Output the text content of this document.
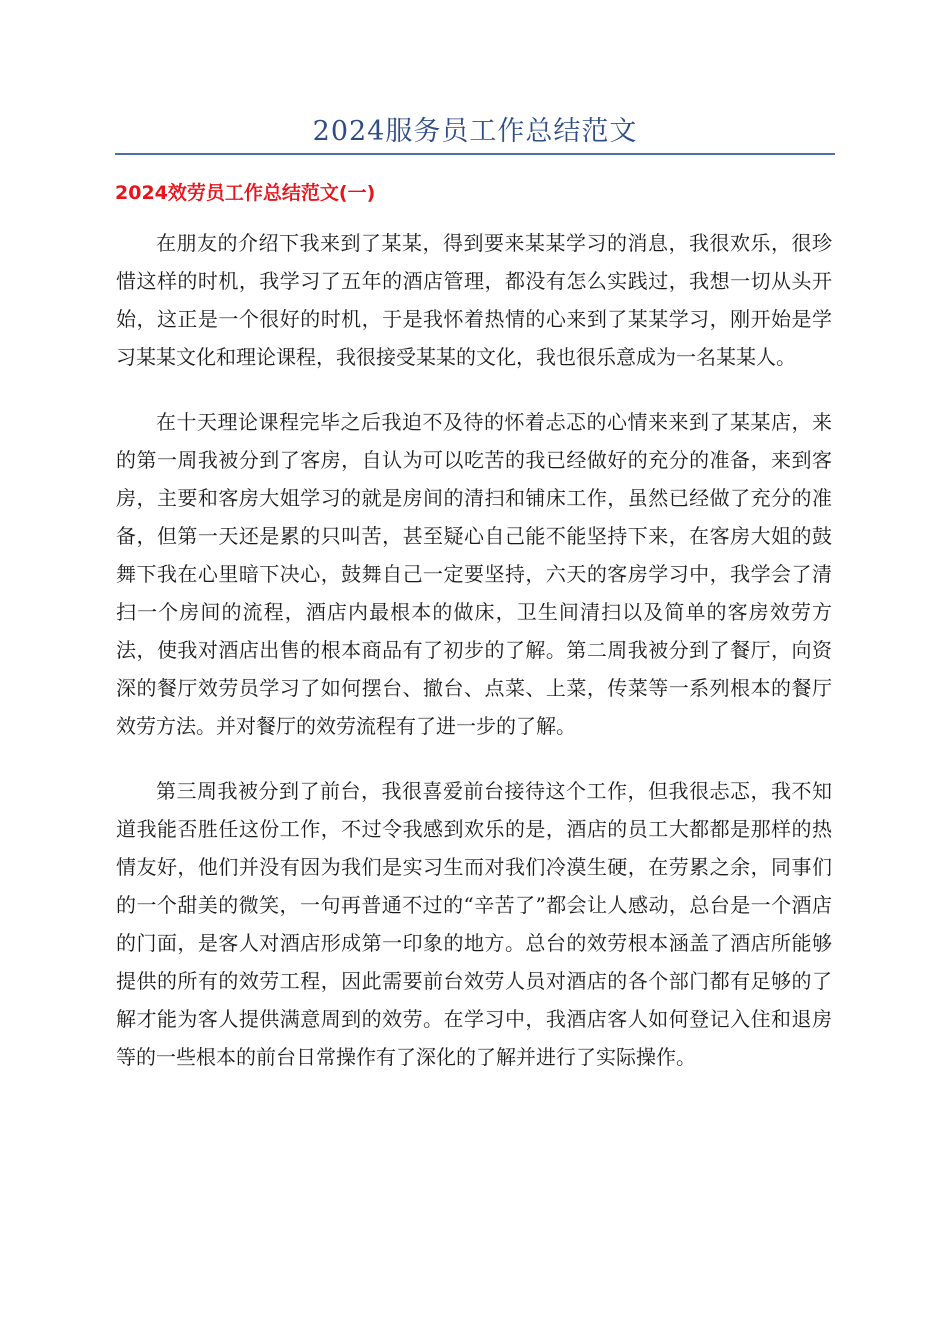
2024服务员工作总结范文
2024效劳员工作总结范文(一)

在朋友的介绍下我来到了某某，得到要来某某学习的消息，我很欢乐，很珍惜这样的时机，我学习了五年的酒店管理，都没有怎么实践过，我想一切从头开始，这正是一个很好的时机，于是我怀着热情的心来到了某某学习，刚开始是学习某某文化和理论课程，我很接受某某的文化，我也很乐意成为一名某某人。

在十天理论课程完毕之后我迫不及待的怀着忐忑的心情来来到了某某店，来的第一周我被分到了客房，自认为可以吃苦的我已经做好的充分的准备，来到客房，主要和客房大姐学习的就是房间的清扫和铺床工作，虽然已经做了充分的准备，但第一天还是累的只叫苦，甚至疑心自己能不能坚持下来，在客房大姐的鼓舞下我在心里暗下决心，鼓舞自己一定要坚持，六天的客房学习中，我学会了清扫一个房间的流程，酒店内最根本的做床，卫生间清扫以及简单的客房效劳方法，使我对酒店出售的根本商品有了初步的了解。第二周我被分到了餐厅，向资深的餐厅效劳员学习了如何摆台、撤台、点菜、上菜，传菜等一系列根本的餐厅效劳方法。并对餐厅的效劳流程有了进一步的了解。

第三周我被分到了前台，我很喜爱前台接待这个工作，但我很忐忑，我不知道我能否胜任这份工作，不过令我感到欢乐的是，酒店的员工大都都是那样的热情友好，他们并没有因为我们是实习生而对我们冷漠生硬，在劳累之余，同事们的一个甜美的微笑，一句再普通不过的“辛苦了”都会让人感动，总台是一个酒店的门面，是客人对酒店形成第一印象的地方。总台的效劳根本涵盖了酒店所能够提供的所有的效劳工程，因此需要前台效劳人员对酒店的各个部门都有足够的了解才能为客人提供满意周到的效劳。在学习中，我酒店客人如何登记入住和退房等的一些根本的前台日常操作有了深化的了解并进行了实际操作。
